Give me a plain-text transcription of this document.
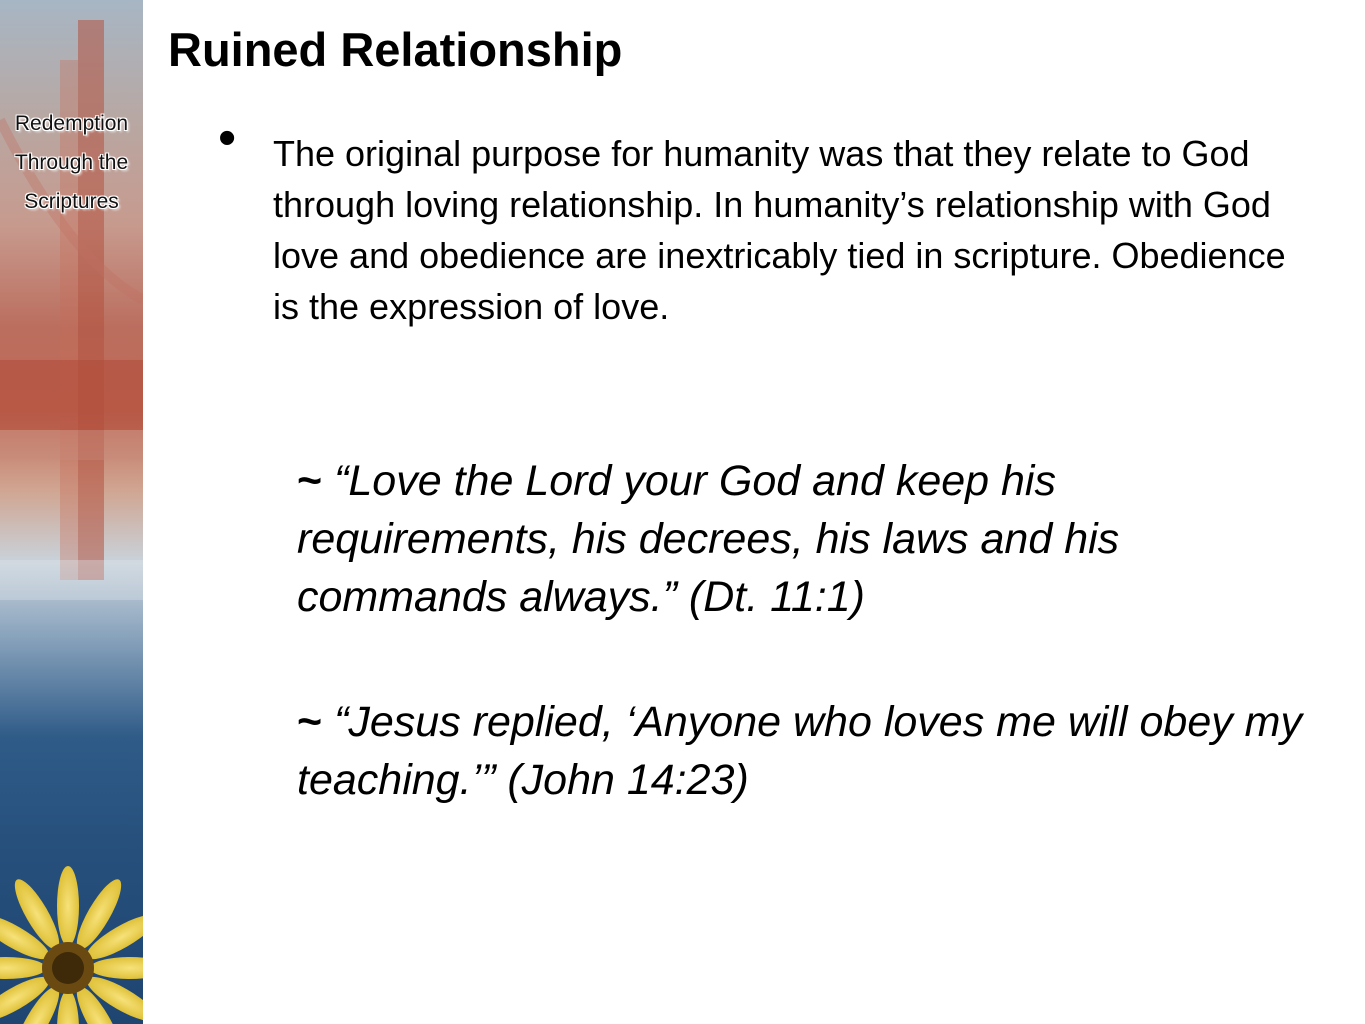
Redemption
Through the
Scriptures
Ruined Relationship
• The original purpose for humanity was that they relate to God through loving relationship. In humanity’s relationship with God love and obedience are inextricably tied in scripture. Obedience is the expression of love.

~ “Love the Lord your God and keep his requirements, his decrees, his laws and his commands always.” (Dt. 11:1)

~ “Jesus replied, ‘Anyone who loves me will obey my teaching.’” (John 14:23)
